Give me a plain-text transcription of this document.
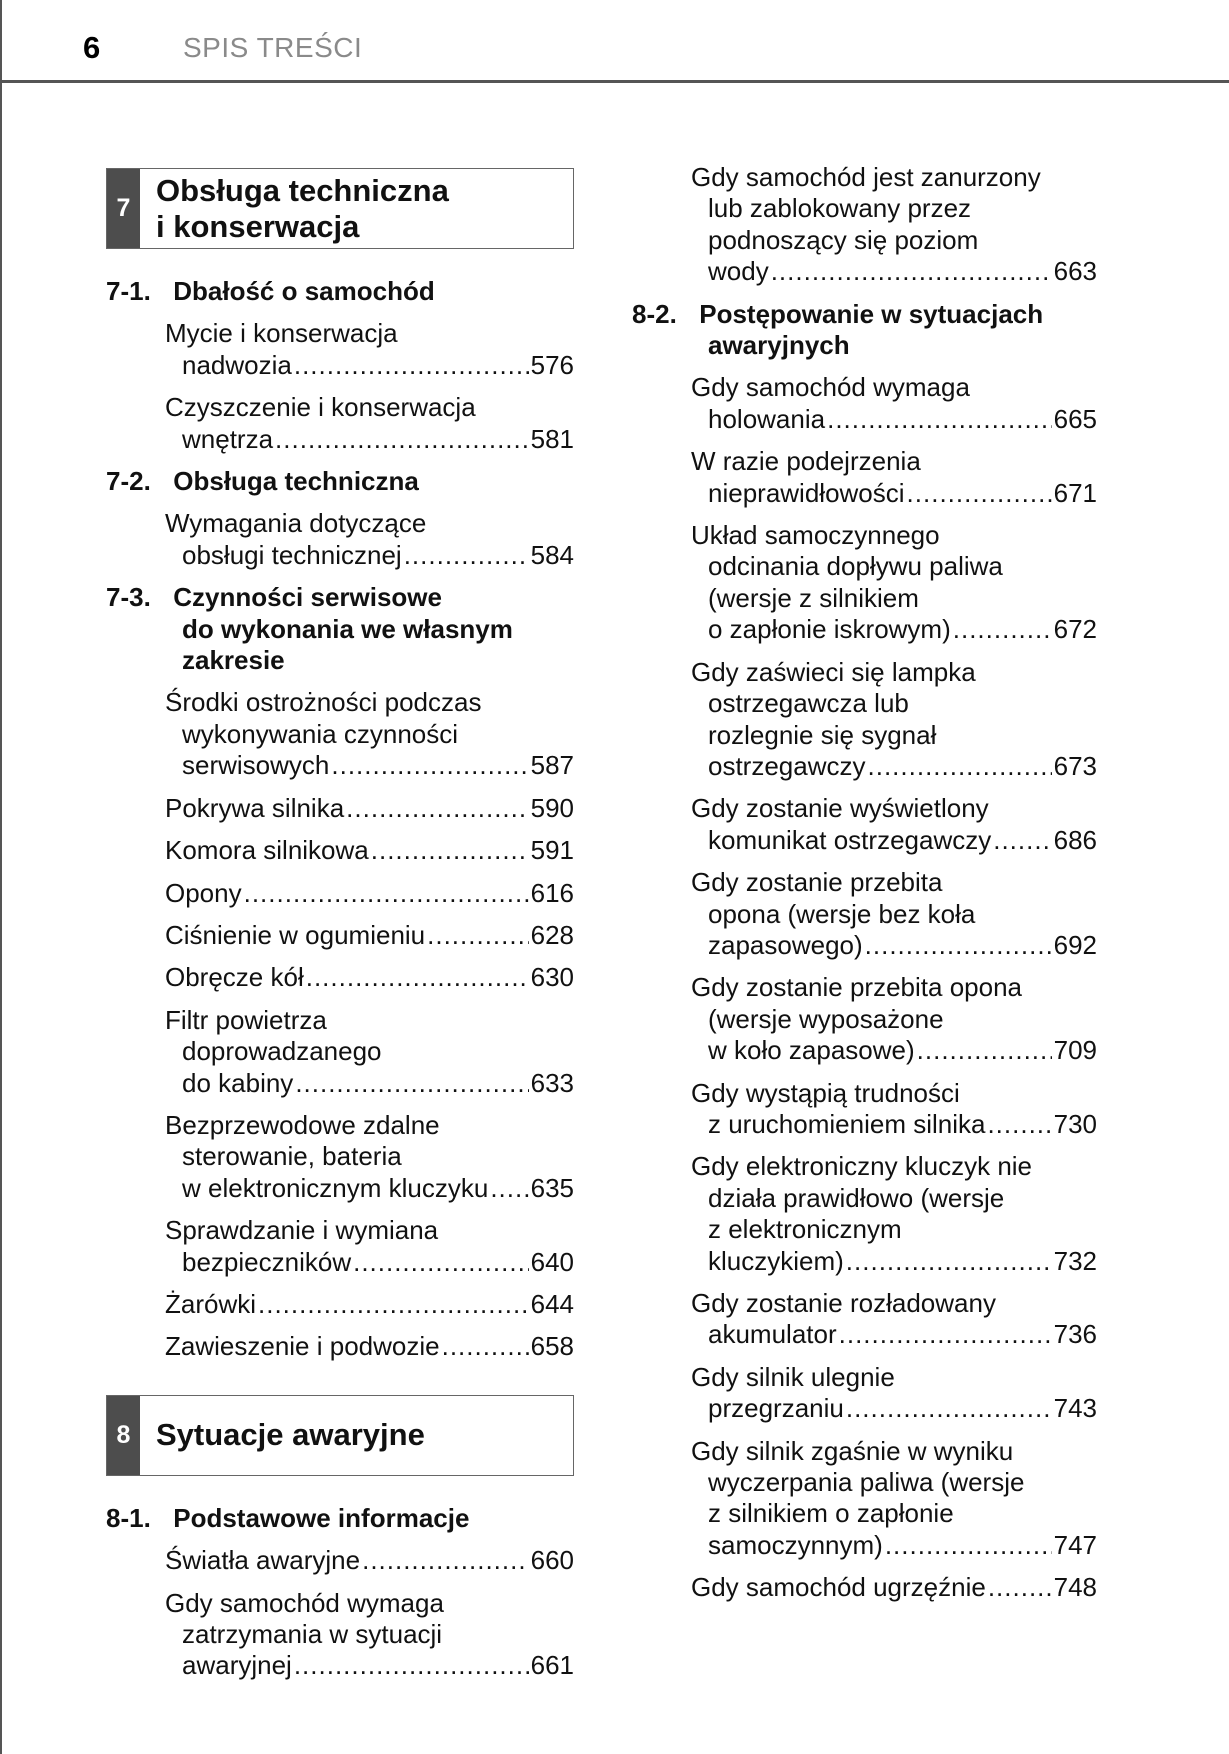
6	SPIS TREŚCI
7
Obsługa techniczna
i konserwacja
7-1. Dbałość o samochód
Mycie i konserwacja
nadwozia .....	576
Czyszczenie i konserwacja
wnętrza .....	581
7-2. Obsługa techniczna
Wymagania dotyczące
obsługi technicznej .....	584
7-3. Czynności serwisowe
do wykonania we własnym
zakresie
Środki ostrożności podczas
wykonywania czynności
serwisowych .....	587
Pokrywa silnika .....	590
Komora silnikowa .....	591
Opony .....	616
Ciśnienie w ogumieniu .....	628
Obręcze kół .....	630
Filtr powietrza
doprowadzanego
do kabiny .....	633
Bezprzewodowe zdalne
sterowanie, bateria
w elektronicznym kluczyku ..... 635
Sprawdzanie i wymiana
bezpieczników .....	640
Żarówki .....	644
Zawieszenie i podwozie .....	658
8 Sytuacje awaryjne
8-1. Podstawowe informacje
Światła awaryjne .....	660
Gdy samochód wymaga
zatrzymania w sytuacji
awaryjnej .....	661
Gdy samochód jest zanurzony
lub zablokowany przez
podnoszący się poziom
wody .....	663
8-2. Postępowanie w sytuacjach
awaryjnych
Gdy samochód wymaga
holowania .....	665
W razie podejrzenia
nieprawidłowości .....	671
Układ samoczynnego
odcinania dopływu paliwa
(wersje z silnikiem
o zapłonie iskrowym) .....	672
Gdy zaświeci się lampka
ostrzegawcza lub
rozlegnie się sygnał
ostrzegawczy .....	673
Gdy zostanie wyświetlony
komunikat ostrzegawczy ..... 686
Gdy zostanie przebita
opona (wersje bez koła
zapasowego) .....	692
Gdy zostanie przebita opona
(wersje wyposażone
w koło zapasowe) .....	709
Gdy wystąpią trudności
z uruchomieniem silnika .....	730
Gdy elektroniczny kluczyk nie
działa prawidłowo (wersje
z elektronicznym
kluczykiem) .....	732
Gdy zostanie rozładowany
akumulator .....	736
Gdy silnik ulegnie
przegrzaniu .....	743
Gdy silnik zgaśnie w wyniku
wyczerpania paliwa (wersje
z silnikiem o zapłonie
samoczynnym) .....	747
Gdy samochód ugrzęźnie .....	748
